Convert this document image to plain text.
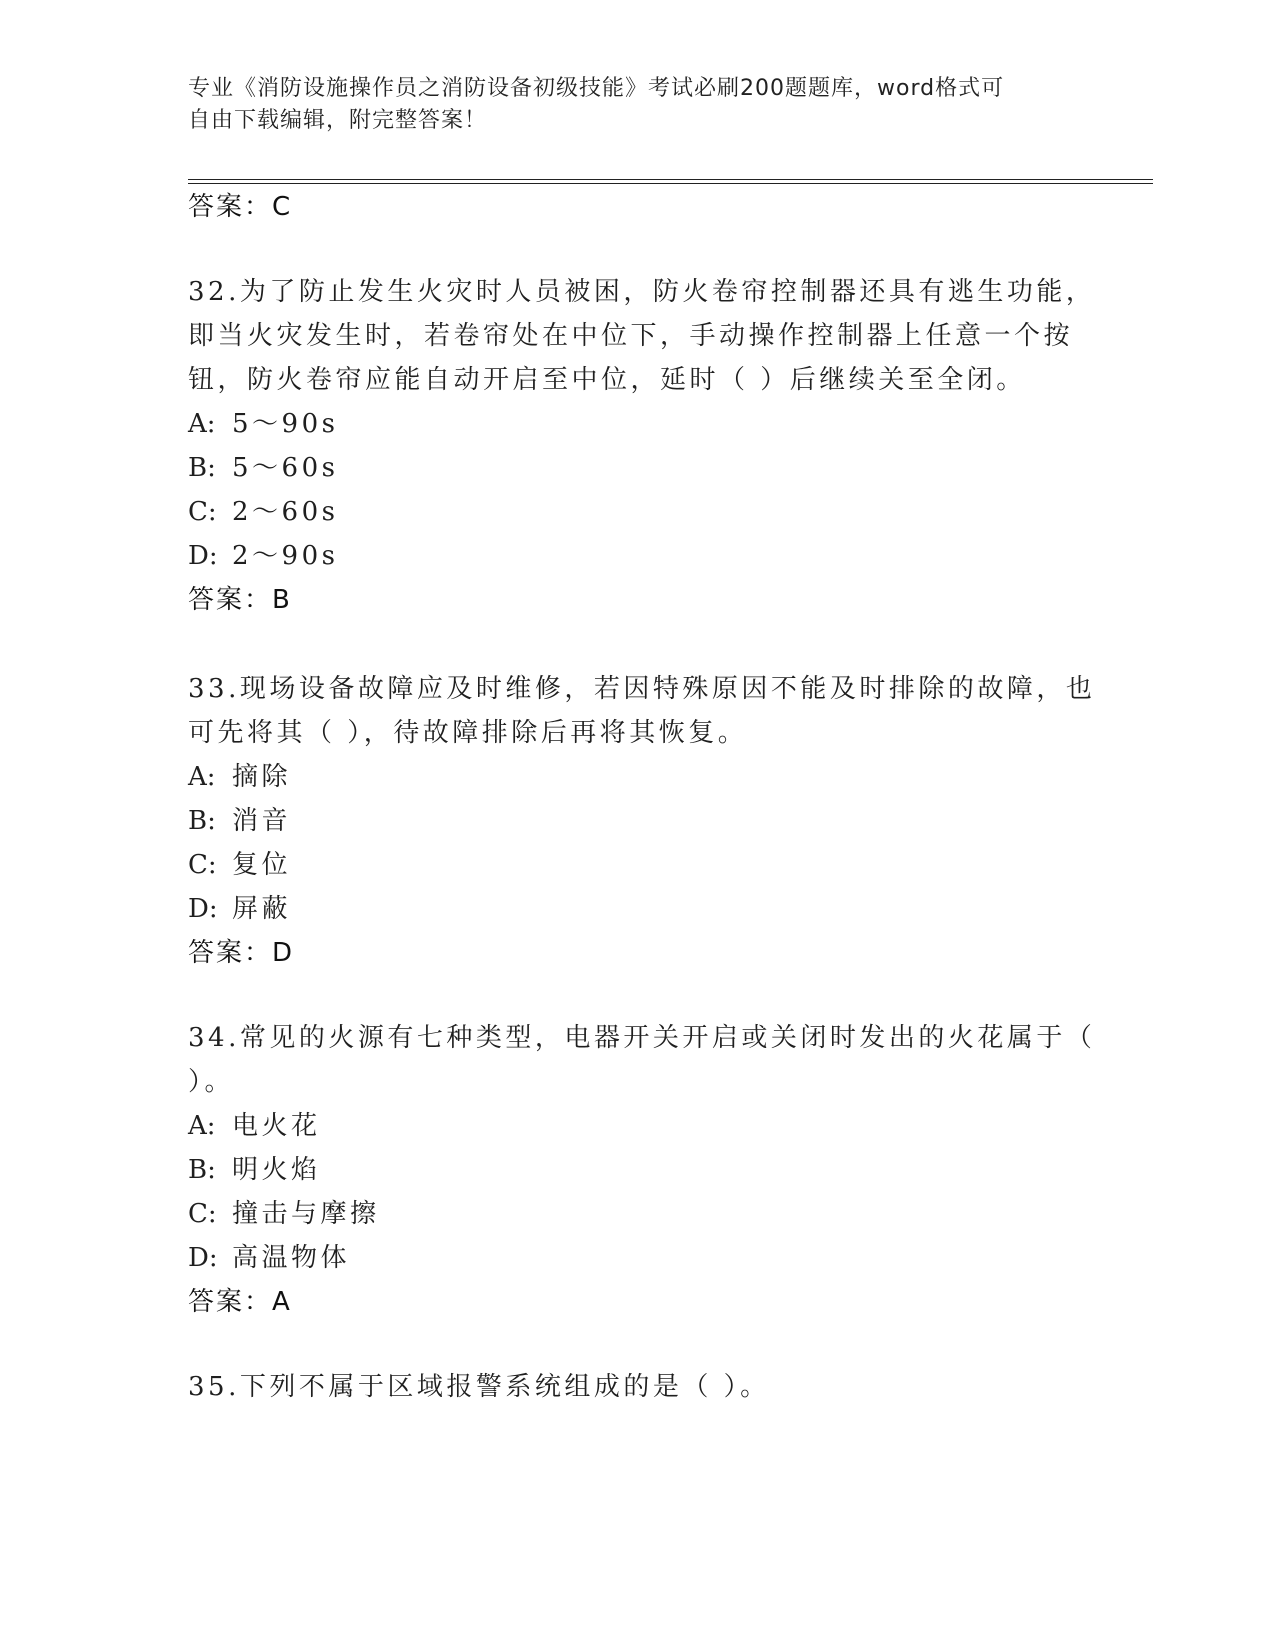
专业《消防设施操作员之消防设备初级技能》考试必刷200题题库，word格式可
自由下载编辑，附完整答案！
答案：C
32.为了防止发生火灾时人员被困，防火卷帘控制器还具有逃生功能，
即当火灾发生时，若卷帘处在中位下，手动操作控制器上任意一个按
钮，防火卷帘应能自动开启至中位，延时（ ）后继续关至全闭。
A: 5～90s
B: 5～60s
C: 2～60s
D: 2～90s
答案：B
33.现场设备故障应及时维修，若因特殊原因不能及时排除的故障，也
可先将其（ ），待故障排除后再将其恢复。
A: 摘除
B: 消音
C: 复位
D: 屏蔽
答案：D
34.常见的火源有七种类型，电器开关开启或关闭时发出的火花属于（
）。
A: 电火花
B: 明火焰
C: 撞击与摩擦
D: 高温物体
答案：A
35.下列不属于区域报警系统组成的是（ ）。
